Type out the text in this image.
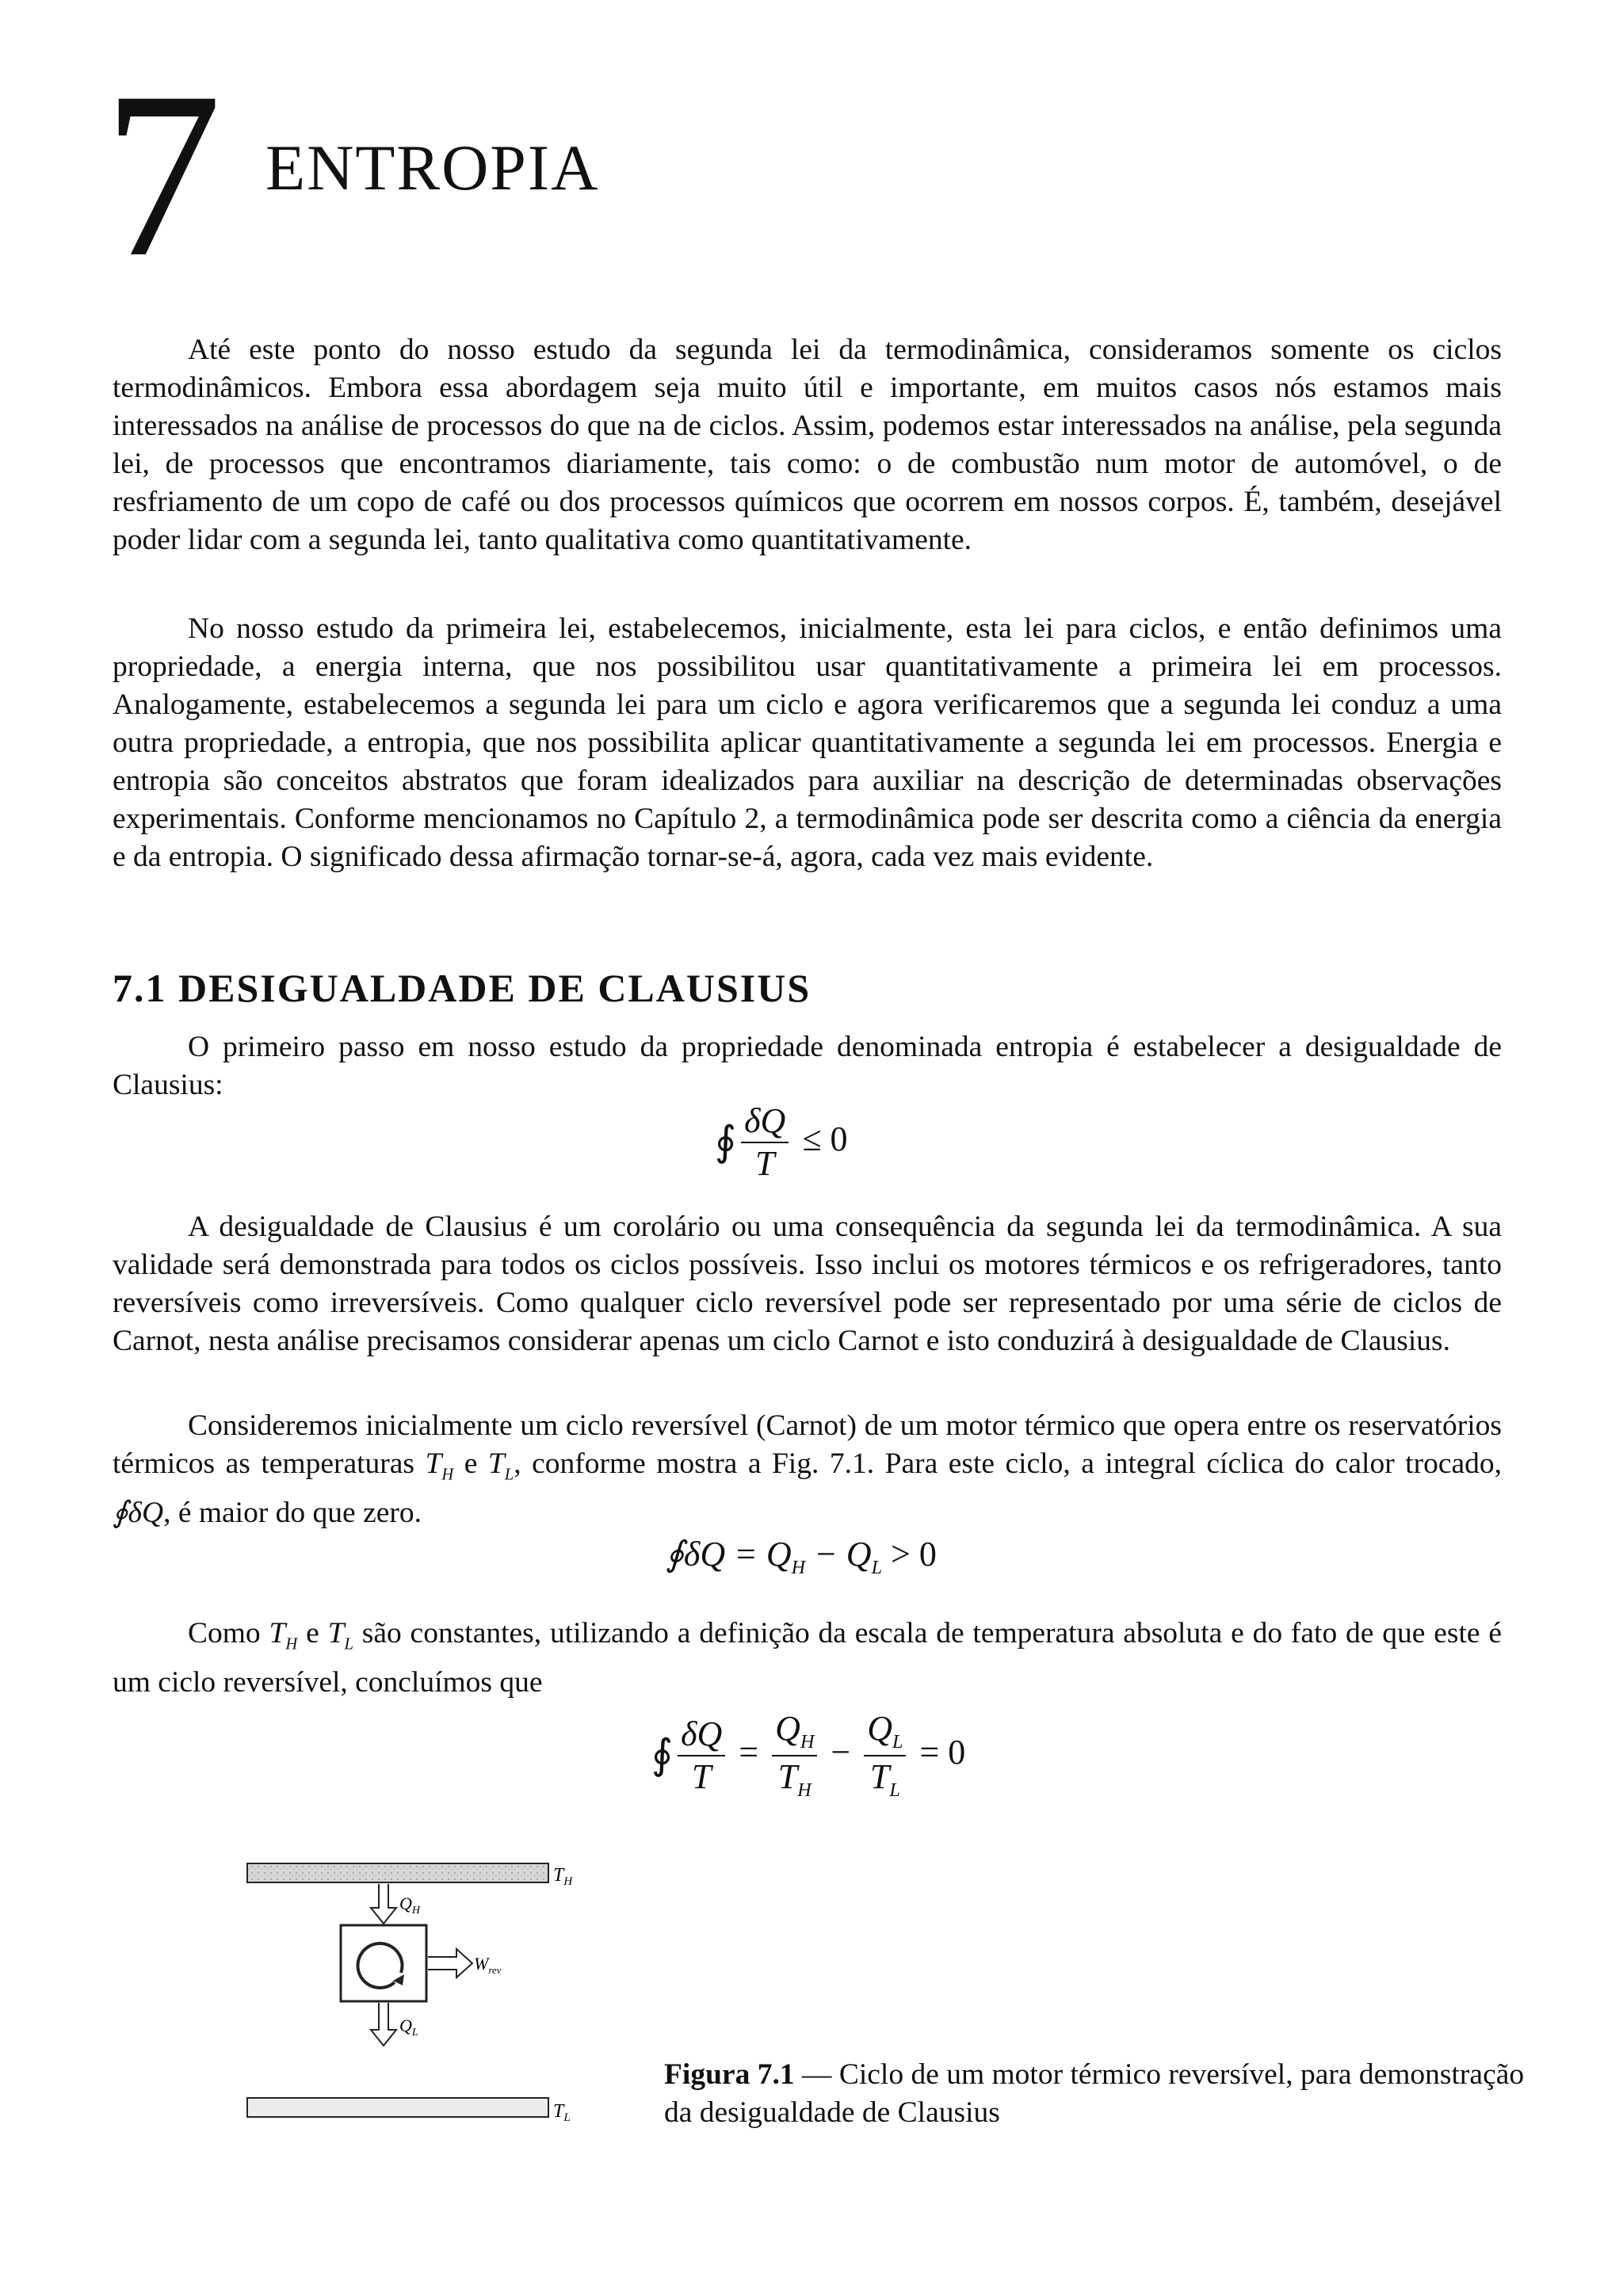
7 ENTROPIA

Até este ponto do nosso estudo da segunda lei da termodinâmica, consideramos somente os ciclos termodinâmicos. Embora essa abordagem seja muito útil e importante, em muitos casos nós estamos mais interessados na análise de processos do que na de ciclos. Assim, podemos estar interessados na análise, pela segunda lei, de processos que encontramos diariamente, tais como: o de combustão num motor de automóvel, o de resfriamento de um copo de café ou dos processos químicos que ocorrem em nossos corpos. É, também, desejável poder lidar com a segunda lei, tanto qualitativa como quantitativamente.

No nosso estudo da primeira lei, estabelecemos, inicialmente, esta lei para ciclos, e então definimos uma propriedade, a energia interna, que nos possibilitou usar quantitativamente a primeira lei em processos. Analogamente, estabelecemos a segunda lei para um ciclo e agora verificaremos que a segunda lei conduz a uma outra propriedade, a entropia, que nos possibilita aplicar quantitativamente a segunda lei em processos. Energia e entropia são conceitos abstratos que foram idealizados para auxiliar na descrição de determinadas observações experimentais. Conforme mencionamos no Capítulo 2, a termodinâmica pode ser descrita como a ciência da energia e da entropia. O significado dessa afirmação tornar-se-á, agora, cada vez mais evidente.

7.1 DESIGUALDADE DE CLAUSIUS

O primeiro passo em nosso estudo da propriedade denominada entropia é estabelecer a desigualdade de Clausius:

∮ $\frac{\delta Q}{T} \le 0$

A desigualdade de Clausius é um corolário ou uma consequência da segunda lei da termodinâmica. A sua validade será demonstrada para todos os ciclos possíveis. Isso inclui os motores térmicos e os refrigeradores, tanto reversíveis como irreversíveis. Como qualquer ciclo reversível pode ser representado por uma série de ciclos de Carnot, nesta análise precisamos considerar apenas um ciclo Carnot e isto conduzirá à desigualdade de Clausius.

Consideremos inicialmente um ciclo reversível (Carnot) de um motor térmico que opera entre os reservatórios térmicos as temperaturas $T_H$ e $T_L$, conforme mostra a Fig. 7.1. Para este ciclo, a integral cíclica do calor trocado, ∮δQ, é maior do que zero.

∮δQ = $Q_H - Q_L > 0$

Como $T_H$ e $T_L$ são constantes, utilizando a definição da escala de temperatura absoluta e do fato de que este é um ciclo reversível, concluímos que

∮ $\frac{\delta Q}{T} = \frac{Q_H}{T_H} - \frac{Q_L}{T_L} = 0$
$T_H$
$Q_H$
$W_{rev}$
$Q_L$
$T_L$
Figura 7.1 — Ciclo de um motor térmico reversível, para demonstração da desigualdade de Clausius
